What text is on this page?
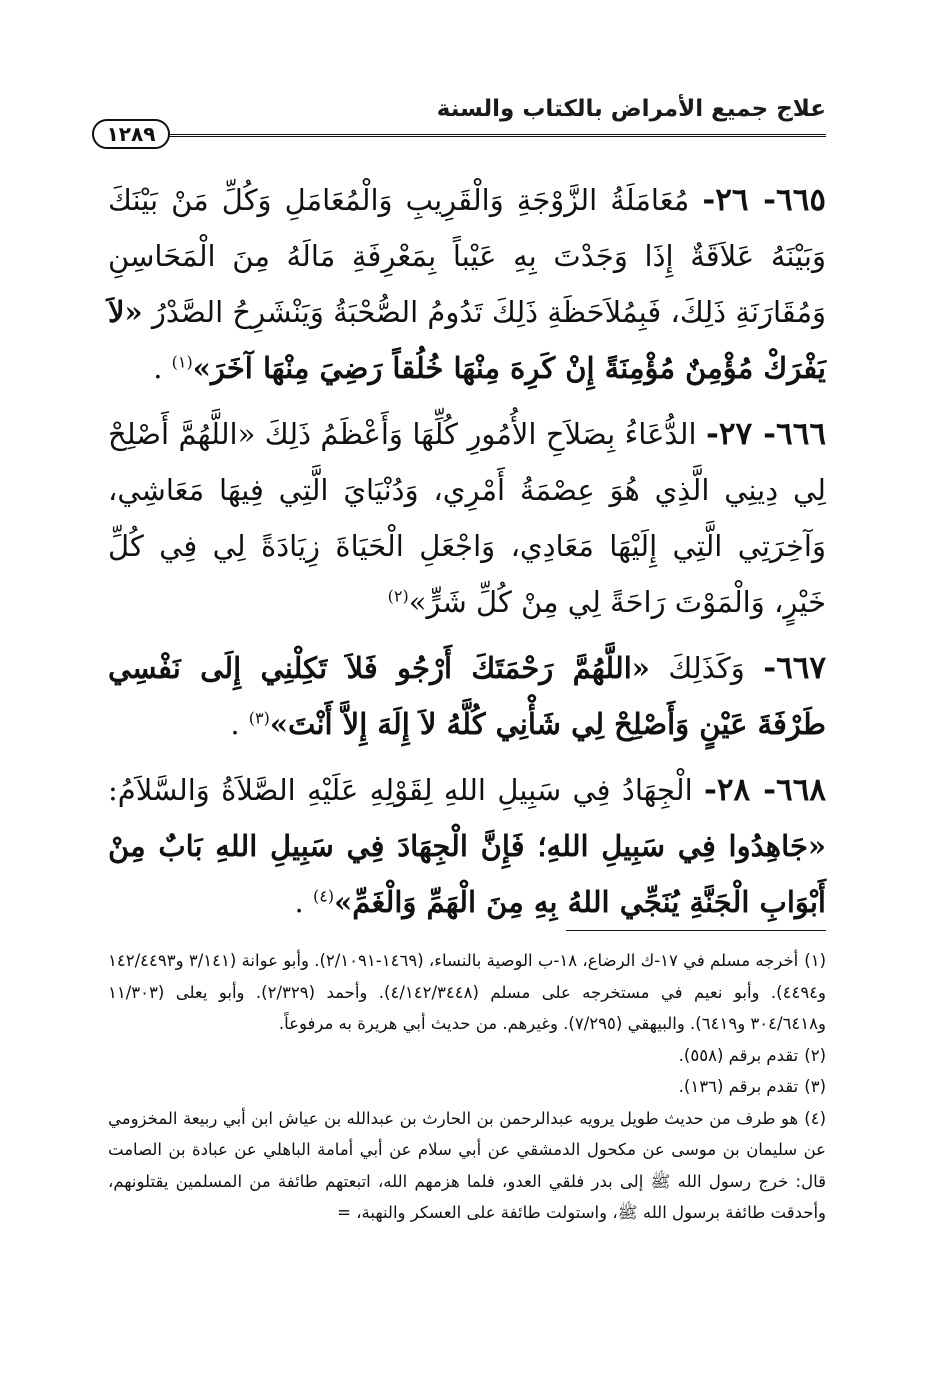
علاج جميع الأمراض بالكتاب والسنة
١٢٨٩

٦٦٥- ٢٦- مُعَامَلَةُ الزَّوْجَةِ وَالْقَرِيبِ وَالْمُعَامَلِ وَكُلِّ مَنْ بَيْنَكَ وَبَيْنَهُ عَلاَقَةٌ إِذَا وَجَدْتَ بِهِ عَيْباً بِمَعْرِفَةِ مَالَهُ مِنَ الْمَحَاسِنِ وَمُقَارَنَةِ ذَلِكَ، فَبِمُلاَحَظَةِ ذَلِكَ تَدُومُ الصُّحْبَةُ وَيَنْشَرِحُ الصَّدْرُ «لاَ يَفْرَكْ مُؤْمِنٌ مُؤْمِنَةً إِنْ كَرِهَ مِنْهَا خُلُقاً رَضِيَ مِنْهَا آخَرَ»$^{(١)}$ .

٦٦٦- ٢٧- الدُّعَاءُ بِصَلاَحِ الأُمُورِ كُلِّهَا وَأَعْظَمُ ذَلِكَ «اللَّهُمَّ أَصْلِحْ لِي دِينِي الَّذِي هُوَ عِصْمَةُ أَمْرِي، وَدُنْيَايَ الَّتِي فِيهَا مَعَاشِي، وَآخِرَتِي الَّتِي إِلَيْهَا مَعَادِي، وَاجْعَلِ الْحَيَاةَ زِيَادَةً لِي فِي كُلِّ خَيْرٍ، وَالْمَوْتَ رَاحَةً لِي مِنْ كُلِّ شَرٍّ»$^{(٢)}$

٦٦٧- وَكَذَلِكَ «اللَّهُمَّ رَحْمَتَكَ أَرْجُو فَلاَ تَكِلْنِي إِلَى نَفْسِي طَرْفَةَ عَيْنٍ وَأَصْلِحْ لِي شَأْنِي كُلَّهُ لاَ إِلَهَ إِلاَّ أَنْتَ»$^{(٣)}$ .

٦٦٨- ٢٨- الْجِهَادُ فِي سَبِيلِ اللهِ لِقَوْلِهِ عَلَيْهِ الصَّلاَةُ وَالسَّلاَمُ: «جَاهِدُوا فِي سَبِيلِ اللهِ؛ فَإِنَّ الْجِهَادَ فِي سَبِيلِ اللهِ بَابٌ مِنْ أَبْوَابِ الْجَنَّةِ يُنَجِّي اللهُ بِهِ مِنَ الْهَمِّ وَالْغَمِّ»$^{(٤)}$ .

(١)أخرجه مسلم في ١٧-ك الرضاع، ١٨-ب الوصية بالنساء، (١٤٦٩-٢/١٠٩١). وأبو عوانة (٣/١٤١ و١٤٢/٤٤٩٣ و٤٤٩٤). وأبو نعيم في مستخرجه على مسلم (٤/١٤٢/٣٤٤٨). وأحمد (٢/٣٢٩). وأبو يعلى (١١/٣٠٣ و٣٠٤/٦٤١٨ و٦٤١٩). والبيهقي (٧/٢٩٥). وغيرهم. من حديث أبي هريرة به مرفوعاً.

(٢)تقدم برقم (٥٥٨).

(٣)تقدم برقم (١٣٦).

(٤)هو طرف من حديث طويل يرويه عبدالرحمن بن الحارث بن عبدالله بن عياش ابن أبي ربيعة المخزومي عن سليمان بن موسى عن مكحول الدمشقي عن أبي سلام عن أبي أمامة الباهلي عن عبادة بن الصامت قال: خرج رسول الله ﷺ إلى بدر فلقي العدو، فلما هزمهم الله، اتبعتهم طائفة من المسلمين يقتلونهم، وأحدقت طائفة برسول الله ﷺ، واستولت طائفة على العسكر والنهبة، =
